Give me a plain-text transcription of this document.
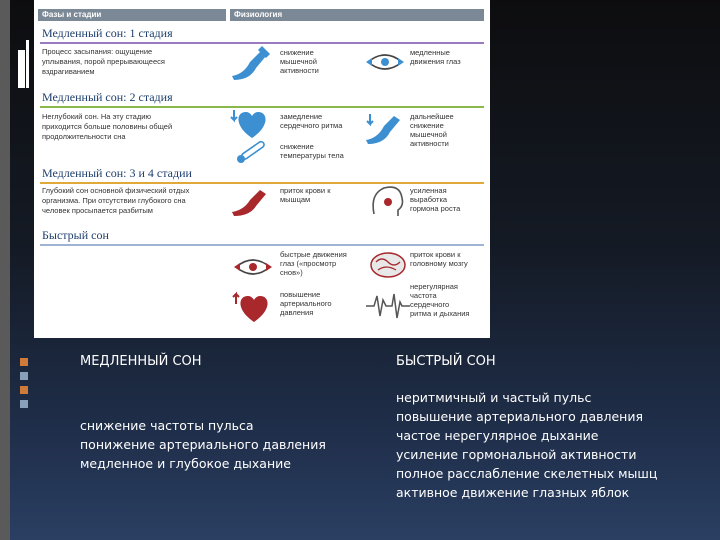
Фазы и стадии	Физиология
Медленный сон: 1 стадия
Процесс засыпания: ощущение
уплывания, порой прерывающееся
вздрагиванием
снижение
мышечной
активности
медленные
движения глаз
Медленный сон: 2 стадия
Неглубокий сон. На эту стадию
приходится больше половины общей
продолжительности сна
замедление
сердечного ритма
снижение
температуры тела
дальнейшее
снижение
мышечной
активности
Медленный сон: 3 и 4 стадии
Глубокий сон основной физический отдых
организма. При отсутствии глубокого сна
человек просыпается разбитым
приток крови к
мышцам
усиленная
выработка
гормона роста
Быстрый сон
быстрые движения
глаз («просмотр
снов»)
повышение
артериального
давления
приток крови к
головному мозгу
нерегулярная
частота
сердечного
ритма и дыхания
МЕДЛЕННЫЙ СОН	БЫСТРЫЙ СОН
снижение частоты пульса
понижение артериального давления
медленное и глубокое дыхание
неритмичный и частый пульс
повышение артериального давления
частое нерегулярное дыхание
усиление гормональной активности
полное расслабление скелетных мышц
активное движение глазных яблок
